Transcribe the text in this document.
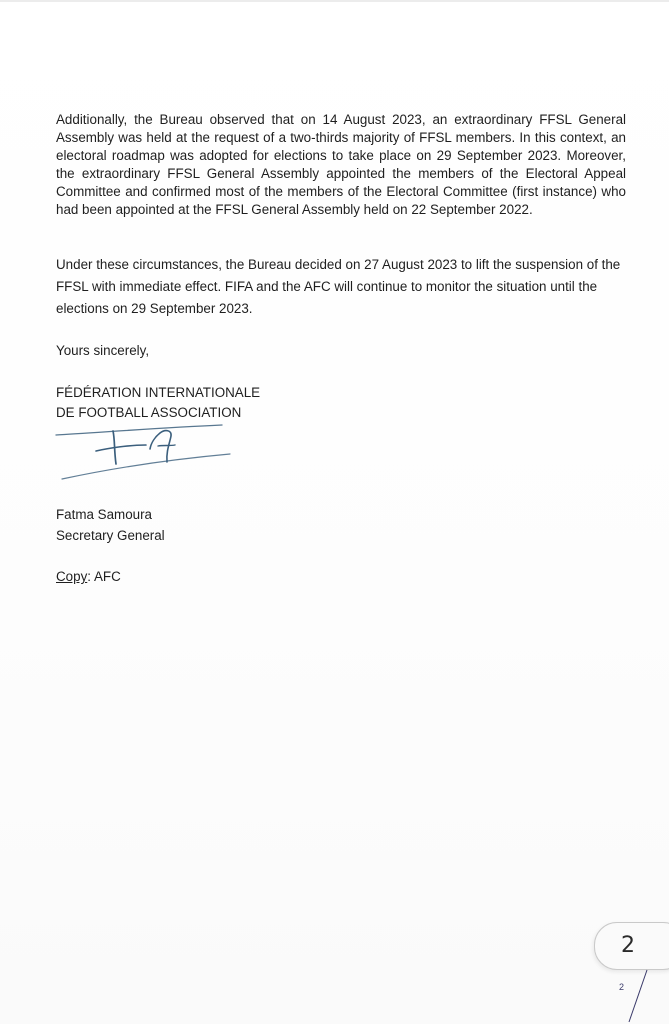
Additionally, the Bureau observed that on 14 August 2023, an extraordinary FFSL General Assembly was held at the request of a two-thirds majority of FFSL members. In this context, an electoral roadmap was adopted for elections to take place on 29 September 2023. Moreover, the extraordinary FFSL General Assembly appointed the members of the Electoral Appeal Committee and confirmed most of the members of the Electoral Committee (first instance) who had been appointed at the FFSL General Assembly held on 22 September 2022.

Under these circumstances, the Bureau decided on 27 August 2023 to lift the suspension of the FFSL with immediate effect. FIFA and the AFC will continue to monitor the situation until the elections on 29 September 2023.

Yours sincerely,

FÉDÉRATION INTERNATIONALE

DE FOOTBALL ASSOCIATION

Fatma Samoura

Secretary General

Copy: AFC

2
2
